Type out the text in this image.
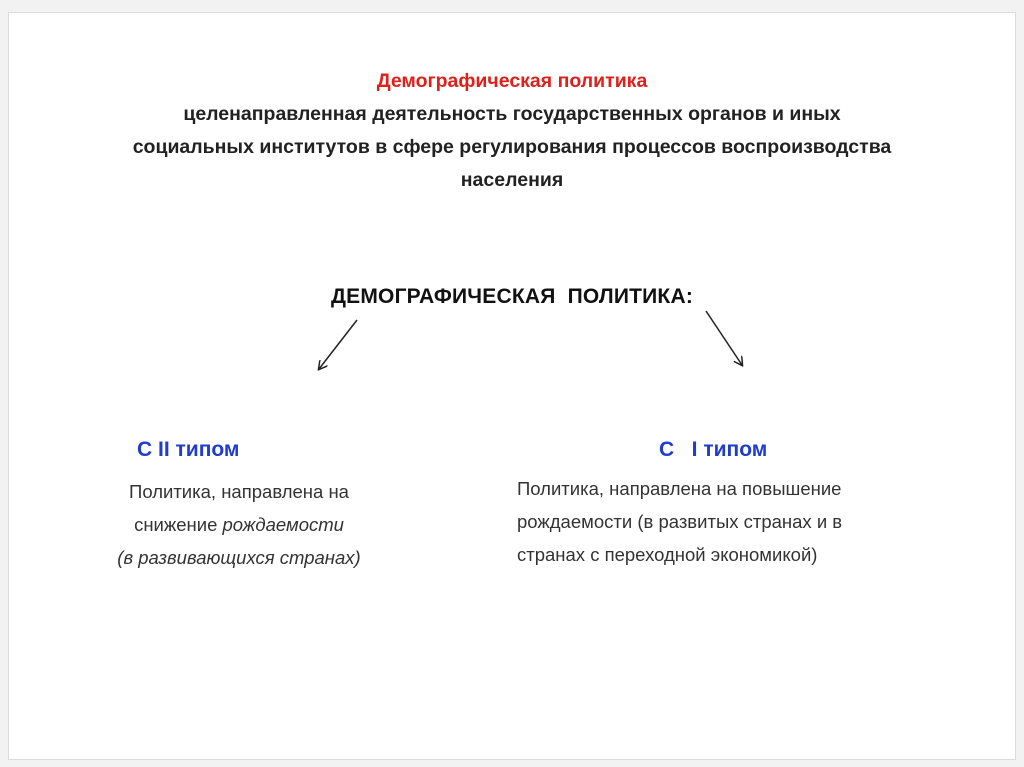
Демографическая политика
целенаправленная деятельность государственных органов и иных
социальных институтов в сфере регулирования процессов воспроизводства
населения
ДЕМОГРАФИЧЕСКАЯ  ПОЛИТИКА:
С II типом
Политика, направлена на
снижение рождаемости
(в развивающихся странах)
С   I типом
Политика, направлена на повышение
рождаемости (в развитых странах и в
странах с переходной экономикой)
